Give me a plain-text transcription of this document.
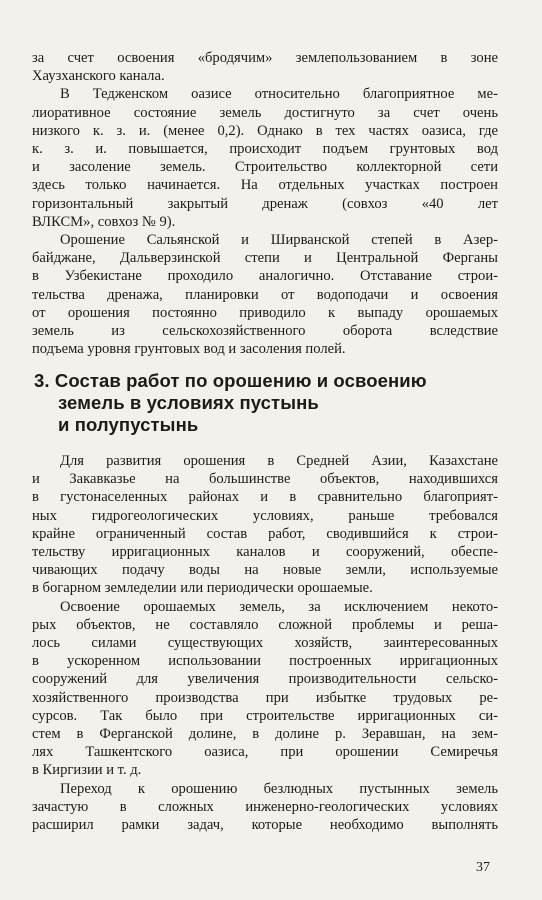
за счет освоения «бродячим» землепользованием в зоне
Хаузханского канала.
В Тедженском оазисе относительно благоприятное ме-
лиоративное состояние земель достигнуто за счет очень
низкого к. з. и. (менее 0,2). Однако в тех частях оазиса, где
к. з. и. повышается, происходит подъем грунтовых вод
и засоление земель. Строительство коллекторной сети
здесь только начинается. На отдельных участках построен
горизонтальный закрытый дренаж (совхоз «40 лет
ВЛКСМ», совхоз № 9).
Орошение Сальянской и Ширванской степей в Азер-
байджане, Дальверзинской степи и Центральной Ферганы
в Узбекистане проходило аналогично. Отставание строи-
тельства дренажа, планировки от водоподачи и освоения
от орошения постоянно приводило к выпаду орошаемых
земель из сельскохозяйственного оборота вследствие
подъема уровня грунтовых вод и засоления полей.
3. Состав работ по орошению и освоению
земель в условиях пустынь
и полупустынь
Для развития орошения в Средней Азии, Казахстане
и Закавказье на большинстве объектов, находившихся
в густонаселенных районах и в сравнительно благоприят-
ных гидрогеологических условиях, раньше требовался
крайне ограниченный состав работ, сводившийся к строи-
тельству ирригационных каналов и сооружений, обеспе-
чивающих подачу воды на новые земли, используемые
в богарном земледелии или периодически орошаемые.
Освоение орошаемых земель, за исключением некото-
рых объектов, не составляло сложной проблемы и реша-
лось силами существующих хозяйств, заинтересованных
в ускоренном использовании построенных ирригационных
сооружений для увеличения производительности сельско-
хозяйственного производства при избытке трудовых ре-
сурсов. Так было при строительстве ирригационных си-
стем в Ферганской долине, в долине р. Зеравшан, на зем-
лях Ташкентского оазиса, при орошении Семиречья
в Киргизии и т. д.
Переход к орошению безлюдных пустынных земель
зачастую в сложных инженерно-геологических условиях
расширил рамки задач, которые необходимо выполнять
37
